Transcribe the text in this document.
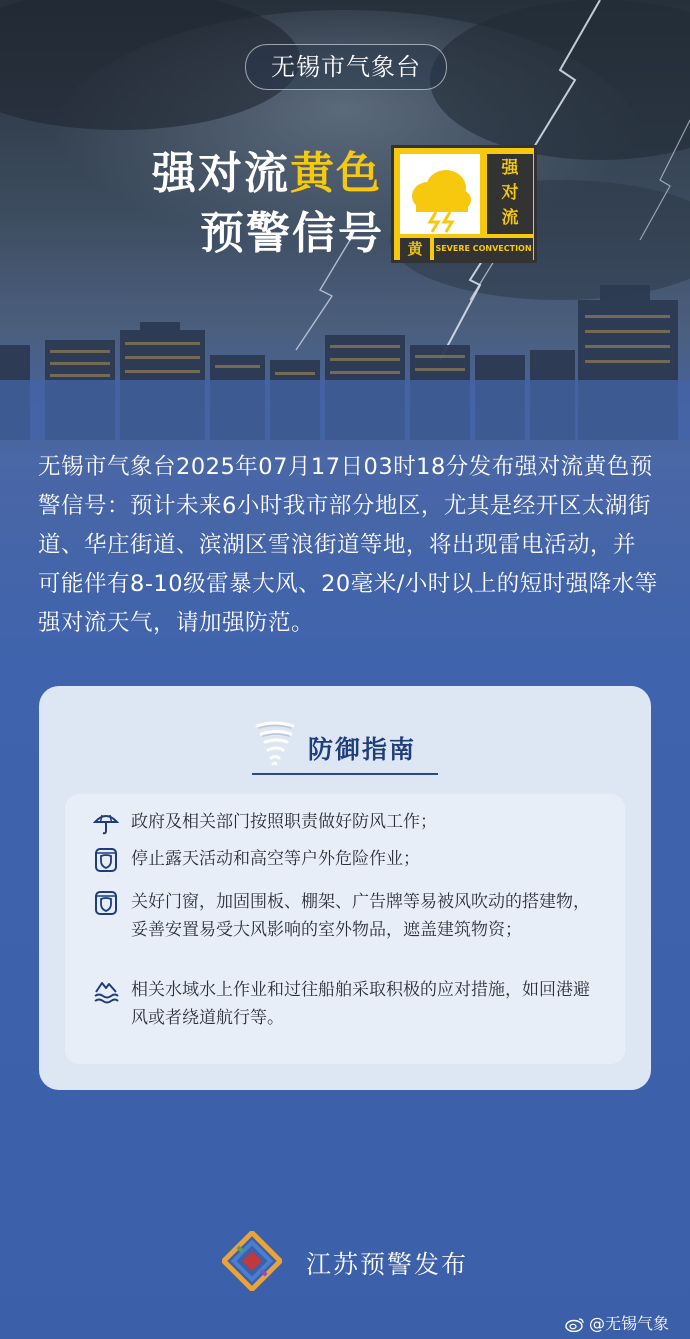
无锡市气象台
强对流黄色
预警信号
强
对
流
黄	SEVERE CONVECTION
无锡市气象台2025年07月17日03时18分发布强对流黄色预警信号：预计未来6小时我市部分地区，尤其是经开区太湖街道、华庄街道、滨湖区雪浪街道等地，将出现雷电活动，并可能伴有8-10级雷暴大风、20毫米/小时以上的短时强降水等强对流天气，请加强防范。
防御指南
政府及相关部门按照职责做好防风工作；
停止露天活动和高空等户外危险作业；
关好门窗，加固围板、棚架、广告牌等易被风吹动的搭建物，妥善安置易受大风影响的室外物品，遮盖建筑物资；
相关水域水上作业和过往船舶采取积极的应对措施，如回港避风或者绕道航行等。
江苏预警发布
@无锡气象
